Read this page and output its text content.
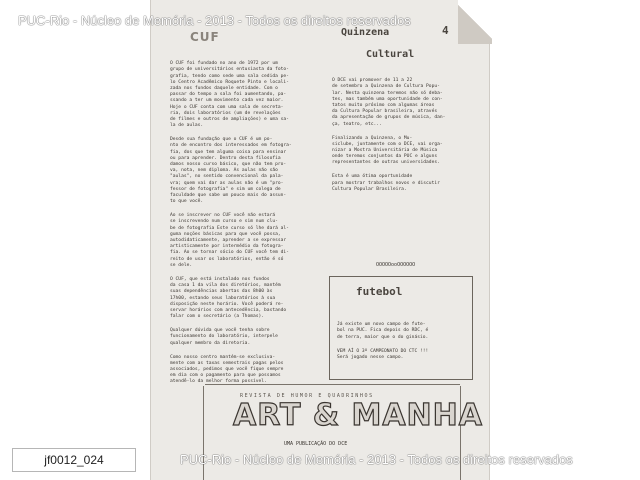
CUF

O CUF foi fundado no ano de 1972 por um
grupo de universitários entusiasta da foto-
grafia, tendo como sede uma sala cedida pe-
lo Centro Acadêmico Roquete Pinto e locali-
zada nos fundos daquele entidade. Com o
passar do tempo a sala foi aumentando, pa-
ssando a ter um movimento cada vez maior.
Hoje o CUF conta com uma sala de secreta-
ria, dois laboratórios (um de revelações
de filmes e outros de ampliações) e uma sa-
la de aulas.

Desde sua fundação que o CUF é um po-
nto de encontro dos interessados em fotogra-
fia, dos que tem alguma coisa para ensinar
ou para aprender. Dentro desta filosofia
damos nosso curso básico, que não tem pro-
va, nota, nem diploma. As aulas não são
"aulas", no sentido convencional da pala-
vra; quem vai dar as aulas não é um "pro-
fessor de fotografia" e sim um colega de
faculdade que sabe um pouco mais do assun-
to que você.

Ao se inscrever no CUF você não estará
se inscrevendo num curso e sim num clu-
be de fotografia Este curso só lhe dará al-
guma noções básicas para que você possa,
autodidaticamente, aprender a se expressar
artisticamente por intermédio da fotogra-
fia. Ao se tornar sócio do CUF você tem di-
reito de usar os laboratórios, então é só
se dele.

O CUF, que está instalado nos fundos
da casa 1 da vila dos diretórios, mantém
suas dependências abertas das 8h00 às
17h00, estando seus laboratórios à sua
disposição neste horário. Você poderá re-
servar horários com antecedência, bastando
falar com o secretário (a Thomas).

Qualquer dúvida que você tenha sobre
funcionamento do laboratório, interpele
qualquer membro da diretoria.

Como nosso centro mantém-se exclusiva-
mente com as taxas semestrais pagas pelos
associados, pedimos que você fique sempre
em dia com o pagamento para que possamos
atendê-lo da melhor forma possível.

Quinzena	4
Cultural

O DCE vai promover de 11 a 22
de setembro a Quinzena de Cultura Popu-
lar. Nesta quinzena teremos não só deba-
tes, mas também uma oportunidade de con-
tatos muito próximo com algumas áreas
da Cultura Popular brasileira, através
da apresentação de grupos de música, dan-
ça, teatro, etc...

Finalizando a Quinzena, o Mu-
siclube, juntamente com o DCE, vai orga-
nizar a Mostra Universitária de Música
onde teremos conjuntos da PUC e alguns
representantes de outras universidades.

Esta é uma ótima oportunidade
para mostrar trabalhos novos e discutir
Cultura Popular Brasileira.

OOOOOooOOOOOO
futebol

Já existe um novo campo de fute-
bol na PUC. Fica depois do RDC, é
de terra, maior que o do ginásio.

VEM AÍ O 3º CAMPEONATO DO CTC !!!
Será jogado nesse campo.

REVISTA DE HUMOR E QUADRINHOS
ART & MANHA
UMA PUBLICAÇÃO DO DCE
PUC-Rio - Núcleo de Memória - 2013 - Todos os direitos reservados
PUC-Rio - Núcleo de Memória - 2013 - Todos os direitos reservados
jf0012_024
